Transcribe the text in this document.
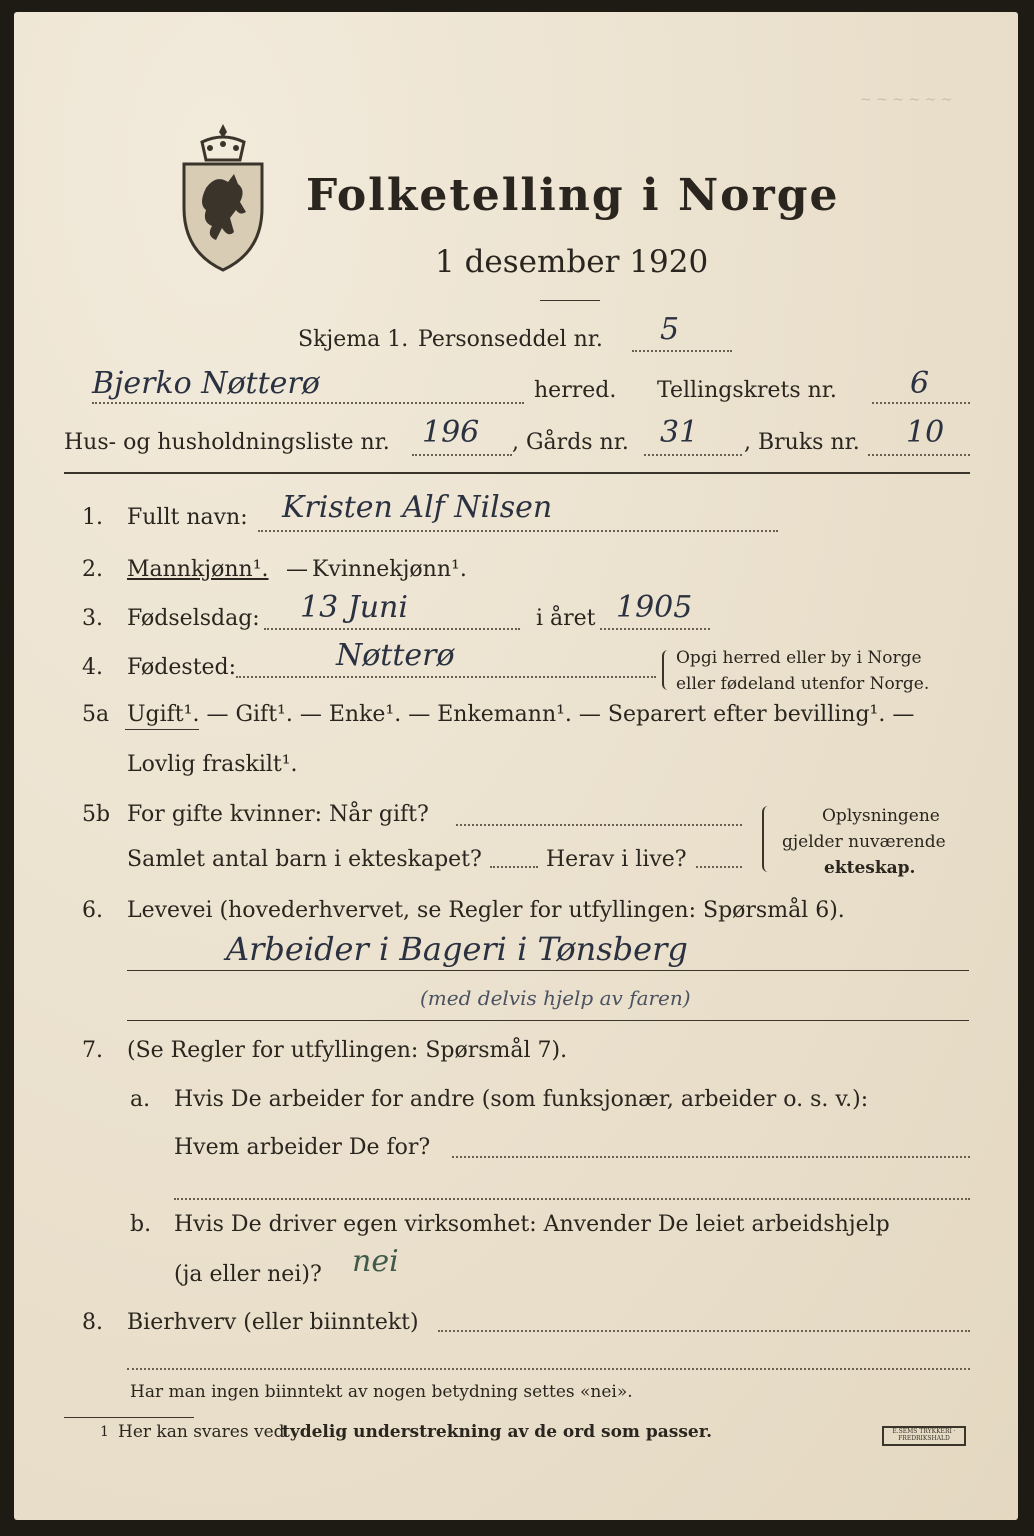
~ ~ ~ ~ ~ ~
Folketelling i Norge
1 desember 1920
Skjema 1. Personseddel nr. 5
Bjerko Nøtterø	herred. Tellingskrets nr. 6
Hus- og husholdningsliste nr. 196 , Gårds nr. 31 , Bruks nr. 10
1. Fullt navn: Kristen Alf Nilsen
2. Mannkjønn¹. — Kvinnekjønn¹.
3. Fødselsdag: 13 Juni	i året 1905
4. Fødested:	Nøtterø	Opgi herred eller by i Norge
eller fødeland utenfor Norge.
5a Ugift¹. — Gift¹. — Enke¹. — Enkemann¹. — Separert efter bevilling¹. —
Lovlig fraskilt¹.
5b For gifte kvinner: Når gift?
Samlet antal barn i ekteskapet?	Herav i live?
Oplysningene
gjelder nuværende
ekteskap.
6. Levevei (hovederhvervet, se Regler for utfyllingen: Spørsmål 6).
Arbeider i Bageri i Tønsberg
(med delvis hjelp av faren)
7. (Se Regler for utfyllingen: Spørsmål 7).
a. Hvis De arbeider for andre (som funksjonær, arbeider o. s. v.):
Hvem arbeider De for?
b. Hvis De driver egen virksomhet: Anvender De leiet arbeidshjelp
(ja eller nei)? nei
8. Bierhverv (eller biinntekt)
Har man ingen biinntekt av nogen betydning settes «nei».
1 Her kan svares ved
tydelig understrekning av de ord som passer.	E.SEMS TRYKKERI · FREDRIKSHALD
